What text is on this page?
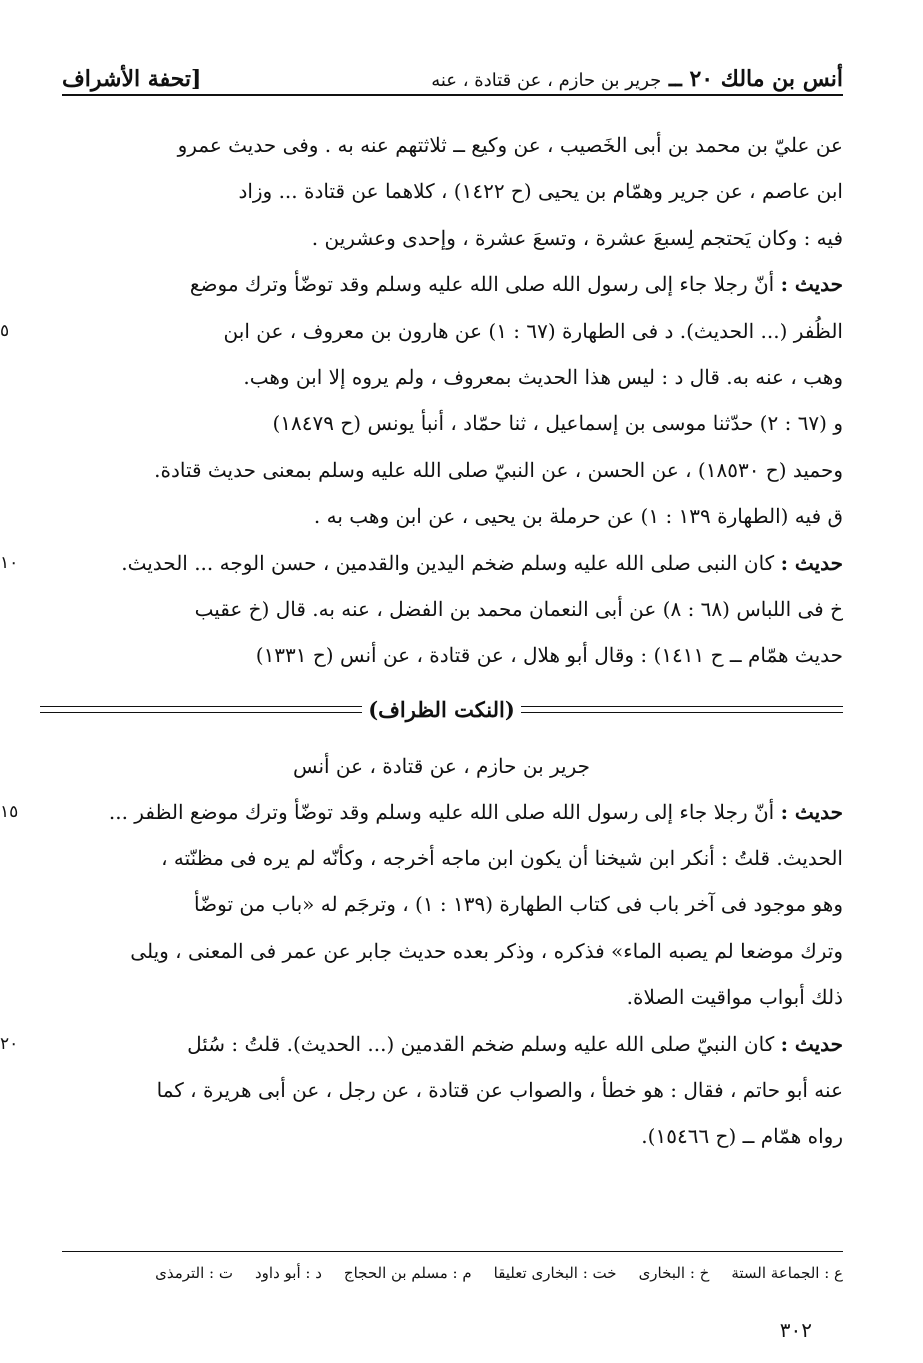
أنس بن مالك ٢٠ ــ جرير بن حازم ، عن قتادة ، عنه
[تحفة الأشراف
عن عليّ بن محمد بن أبى الخَصيب ، عن وكيع ــ ثلاثتهم عنه به . وفى حديث عمرو
ابن عاصم ، عن جرير وهمّام بن يحيى (ح ١٤٢٢) ، كلاهما عن قتادة ... وزاد
فيه : وكان يَحتجم لِسبعَ عشرة ، وتسعَ عشرة ، وإحدى وعشرين .
حديث : أنّ رجلا جاء إلى رسول الله صلى الله عليه وسلم وقد توضّأ وترك موضع
الظُفر (... الحديث). د فى الطهارة (٦٧ : ١) عن هارون بن معروف ، عن ابن
٥
وهب ، عنه به. قال د : ليس هذا الحديث بمعروف ، ولم يروه إلا ابن وهب.
و (٦٧ : ٢) حدّثنا موسى بن إسماعيل ، ثنا حمّاد ، أنبأ يونس (ح ١٨٤٧٩)
وحميد (ح ١٨٥٣٠) ، عن الحسن ، عن النبيّ صلى الله عليه وسلم بمعنى حديث قتادة.
ق فيه (الطهارة ١٣٩ : ١) عن حرملة بن يحيى ، عن ابن وهب به .
حديث : كان النبى صلى الله عليه وسلم ضخم اليدين والقدمين ، حسن الوجه ... الحديث.
١٠
خ فى اللباس (٦٨ : ٨) عن أبى النعمان محمد بن الفضل ، عنه به. قال (خ عقيب
حديث همّام ــ ح ١٤١١) : وقال أبو هلال ، عن قتادة ، عن أنس (ح ١٣٣١)
(النكت الظراف)
جرير بن حازم ، عن قتادة ، عن أنس
حديث : أنّ رجلا جاء إلى رسول الله صلى الله عليه وسلم وقد توضّأ وترك موضع الظفر ...
١٥
الحديث. قلتُ : أنكر ابن شيخنا أن يكون ابن ماجه أخرجه ، وكأنّه لم يره فى مظنّته ،
وهو موجود فى آخر باب فى كتاب الطهارة (١٣٩ : ١) ، وترجَم له «باب من توضّأ
وترك موضعا لم يصبه الماء» فذكره ، وذكر بعده حديث جابر عن عمر فى المعنى ، ويلى
ذلك أبواب مواقيت الصلاة.
حديث : كان النبيّ صلى الله عليه وسلم ضخم القدمين (... الحديث). قلتُ : سُئل
٢٠
عنه أبو حاتم ، فقال : هو خطأ ، والصواب عن قتادة ، عن رجل ، عن أبى هريرة ، كما
رواه همّام ــ (ح ١٥٤٦٦).
ع : الجماعة الستة
خ : البخارى
خت : البخارى تعليقا
م : مسلم بن الحجاج
د : أبو داود
ت : الترمذى
٣٠٢
